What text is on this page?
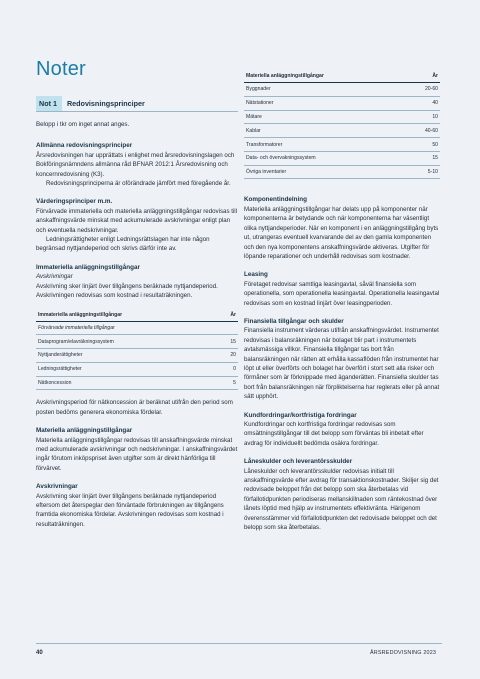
Noter
Not 1	Redovisningsprinciper

Belopp i tkr om inget annat anges.

Allmänna redovisningsprinciper

Årsredovisningen har upprättats i enlighet med årsredovisningslagen och Bokföringsnämndens allmänna råd BFNAR 2012:1 Årsredovisning och koncernredovisning (K3).

Redovisningsprinciperna är oförändrade jämfört med föregående år.

Värderingsprinciper m.m.

Förvärvade immateriella och materiella anläggningstillgångar redovisas till anskaffningsvärde minskat med ackumulerade avskrivningar enligt plan och eventuella nedskrivningar.

Ledningsrättigheter enligt Ledningsrättslagen har inte någon begränsad nyttjandeperiod och skrivs därför inte av.

Immateriella anläggningstillgångar
Avskrivningar

Avskrivning sker linjärt över tillgångens beräknade nyttjandeperiod. Avskrivningen redovisas som kostnad i resultaträkningen.

Immateriella anläggningstillgångar	År
Förvärvade immateriella tillgångar	
Dataprogram/elavräkningssystem	15
Nyttjanderättigheter	20
Ledningsrättigheter	0
Nätkoncession	5

Avskrivningsperiod för nätkoncession är beräknat utifrån den period som posten bedöms generera ekonomiska fördelar.

Materiella anläggningstillgångar

Materiella anläggningstillgångar redovisas till anskaffningsvärde minskat med ackumulerade avskrivningar och nedskrivningar. I anskaffningsvärdet ingår förutom inköpspriset även utgifter som är direkt hänförliga till förvärvet.

Avskrivningar

Avskrivning sker linjärt över tillgångens beräknade nyttjandeperiod eftersom det återspeglar den förväntade förbrukningen av tillgångens framtida ekonomiska fördelar. Avskrivningen redovisas som kostnad i resultaträkningen.

Materiella anläggningstillgångar	År
Byggnader	20-60
Nätstationer	40
Mätare	10
Kablar	40-60
Transformatorer	50
Data- och övervakningssystem	15
Övriga inventarier	5-10
Komponentindelning

Materiella anläggningstillgångar har delats upp på komponenter när komponenterna är betydande och när komponenterna har väsentligt olika nyttjandeperioder. När en komponent i en anläggningstillgång byts ut, utrangeras eventuell kvarvarande del av den gamla komponenten och den nya komponentens anskaffningsvärde aktiveras. Utgifter för löpande reparationer och underhåll redovisas som kostnader.

Leasing

Företaget redovisar samtliga leasingavtal, såväl finansiella som operationella, som operationella leasingavtal. Operationella leasingavtal redovisas som en kostnad linjärt över leasingperioden.

Finansiella tillgångar och skulder

Finansiella instrument värderas utifrån anskaffningsvärdet. Instrumentet redovisas i balansräkningen när bolaget blir part i instrumentets avtalsmässiga villkor. Finansiella tillgångar tas bort från balansräkningen när rätten att erhålla kassaflöden från instrumentet har löpt ut eller överförts och bolaget har överfört i stort sett alla risker och förmåner som är förknippade med äganderätten. Finansiella skulder tas bort från balansräkningen när förpliktelserna har reglerats eller på annat sätt upphört.

Kundfordringar/kortfristiga fordringar

Kundfordringar och kortfristiga fordringar redovisas som omsättningstillgångar till det belopp som förväntas bli inbetalt efter avdrag för individuellt bedömda osäkra fordringar.

Låneskulder och leverantörsskulder

Låneskulder och leverantörsskulder redovisas initialt till anskaffningsvärde efter avdrag för transaktionskostnader. Skiljer sig det redovisade beloppet från det belopp som ska återbetalas vid förfallotidpunkten periodiseras mellanskillnaden som räntekostnad över lånets löptid med hjälp av instrumentets effektivränta. Härigenom överensstämmer vid förfallotidpunkten det redovisade beloppet och det belopp som ska återbetalas.

40	ÅRSREDOVISNING 2023
